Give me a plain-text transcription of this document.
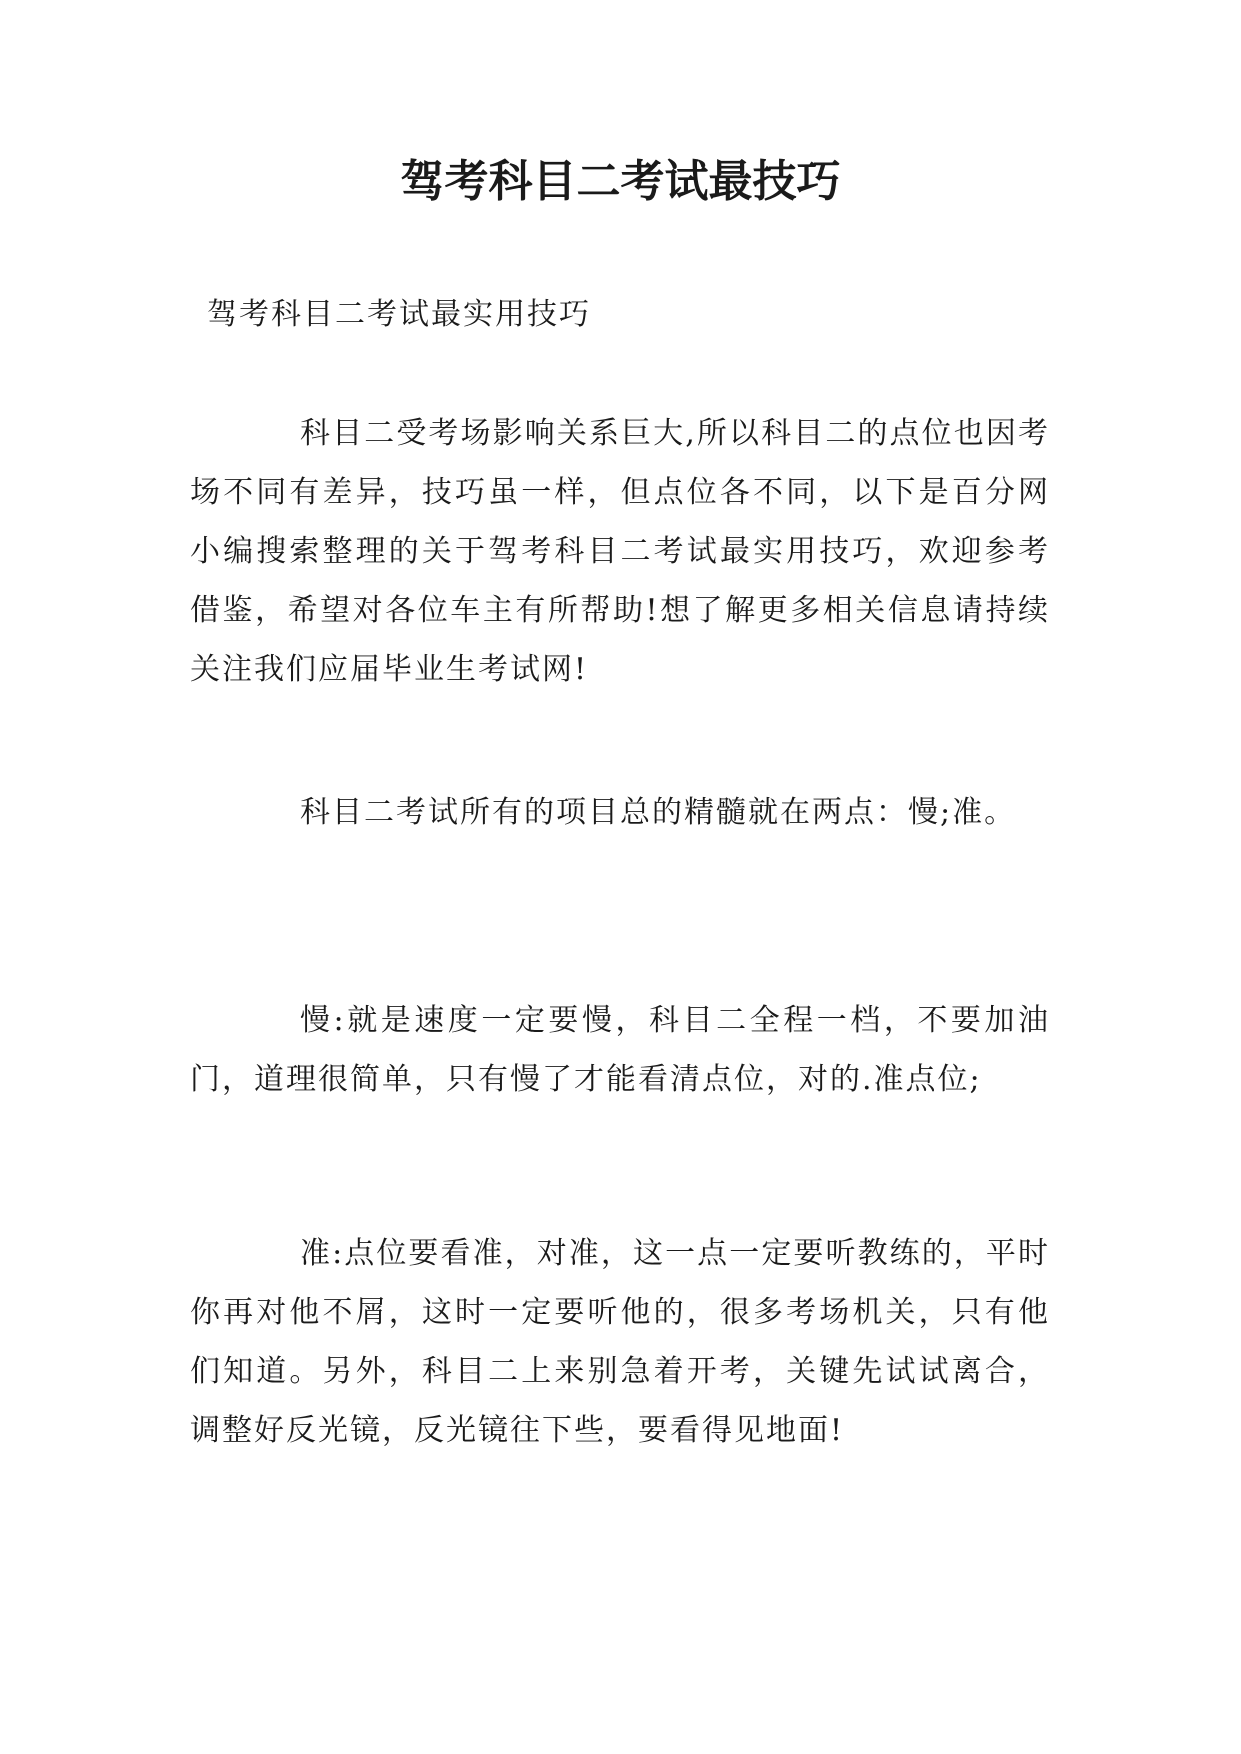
驾考科目二考试最技巧

驾考科目二考试最实用技巧

科目二受考场影响关系巨大,所以科目二的点位也因考场不同有差异，技巧虽一样，但点位各不同，以下是百分网小编搜索整理的关于驾考科目二考试最实用技巧，欢迎参考借鉴，希望对各位车主有所帮助!想了解更多相关信息请持续关注我们应届毕业生考试网!

科目二考试所有的项目总的精髓就在两点：慢;准。

慢:就是速度一定要慢，科目二全程一档，不要加油门，道理很简单，只有慢了才能看清点位，对的.准点位;

准:点位要看准，对准，这一点一定要听教练的，平时你再对他不屑，这时一定要听他的，很多考场机关，只有他们知道。另外，科目二上来别急着开考，关键先试试离合，调整好反光镜，反光镜往下些，要看得见地面!
